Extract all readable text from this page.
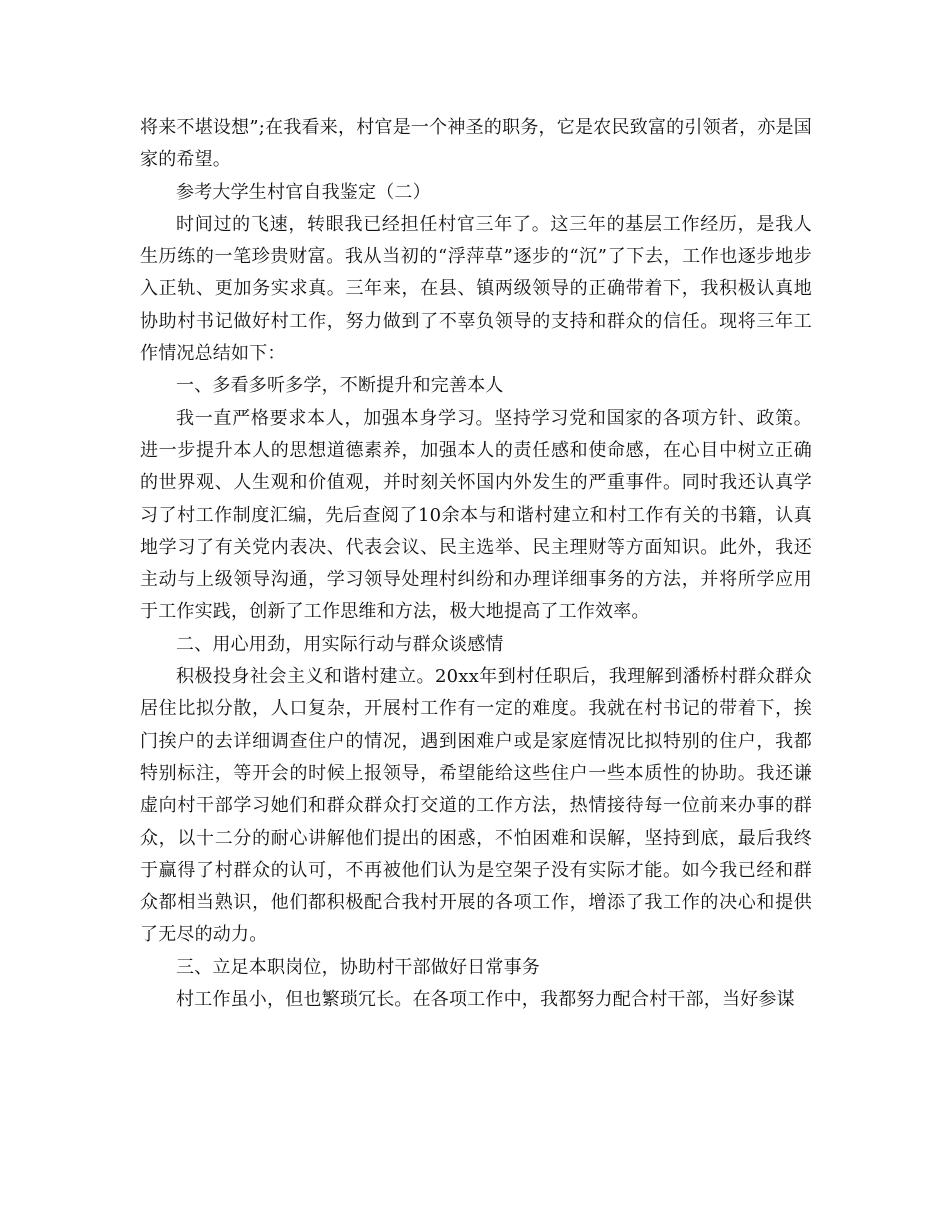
将来不堪设想”;在我看来，村官是一个神圣的职务，它是农民致富的引领者，亦是国家的希望。

参考大学生村官自我鉴定（二）

时间过的飞速，转眼我已经担任村官三年了。这三年的基层工作经历，是我人生历练的一笔珍贵财富。我从当初的“浮萍草”逐步的“沉”了下去，工作也逐步地步入正轨、更加务实求真。三年来，在县、镇两级领导的正确带着下，我积极认真地协助村书记做好村工作，努力做到了不辜负领导的支持和群众的信任。现将三年工作情况总结如下：

一、多看多听多学，不断提升和完善本人

我一直严格要求本人，加强本身学习。坚持学习党和国家的各项方针、政策。进一步提升本人的思想道德素养，加强本人的责任感和使命感，在心目中树立正确的世界观、人生观和价值观，并时刻关怀国内外发生的严重事件。同时我还认真学习了村工作制度汇编，先后查阅了10余本与和谐村建立和村工作有关的书籍，认真地学习了有关党内表决、代表会议、民主选举、民主理财等方面知识。此外，我还主动与上级领导沟通，学习领导处理村纠纷和办理详细事务的方法，并将所学应用于工作实践，创新了工作思维和方法，极大地提高了工作效率。

二、用心用劲，用实际行动与群众谈感情

积极投身社会主义和谐村建立。20xx年到村任职后，我理解到潘桥村群众群众居住比拟分散，人口复杂，开展村工作有一定的难度。我就在村书记的带着下，挨门挨户的去详细调查住户的情况，遇到困难户或是家庭情况比拟特别的住户，我都特别标注，等开会的时候上报领导，希望能给这些住户一些本质性的协助。我还谦虚向村干部学习她们和群众群众打交道的工作方法，热情接待每一位前来办事的群众，以十二分的耐心讲解他们提出的困惑，不怕困难和误解，坚持到底，最后我终于赢得了村群众的认可，不再被他们认为是空架子没有实际才能。如今我已经和群众都相当熟识，他们都积极配合我村开展的各项工作，增添了我工作的决心和提供了无尽的动力。

三、立足本职岗位，协助村干部做好日常事务

村工作虽小，但也繁琐冗长。在各项工作中，我都努力配合村干部，当好参谋
